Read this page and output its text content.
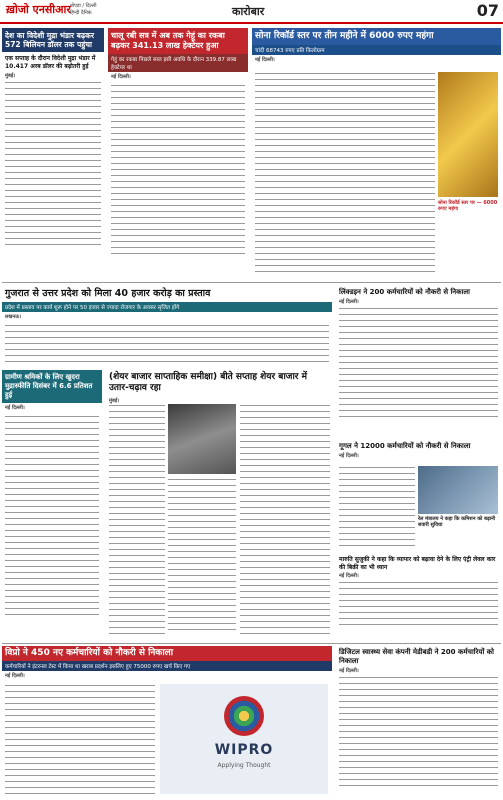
ख़ोजो एनसीआर नोएडा / दिल्ली
हिन्दी दैनिक	कारोबार	07
देश का विदेशी मुद्रा भंडार बढ़कर 572 बिलियन डॉलर तक पहुंचा
एक सप्ताह के दौरान विदेशी मुद्रा भंडार में 10.417 अरब डॉलर की बढ़ोतरी हुई
मुंबई।
चालू रबी सत्र में अब तक गेहूं का रकबा बढ़कर 341.13 लाख हेक्टेयर हुआ
गेहूं का रकबा पिछले साल इसी अवधि के दौरान 339.87 लाख हेक्टेयर था
नई दिल्ली।
सोना रिकॉर्ड स्तर पर तीन महीने में 6000 रुपए महंगा
चांदी 68743 रुपए प्रति किलोग्राम
नई दिल्ली।
सोना रिकॉर्ड स्तर पर — 6000 रुपए महंगा
गुजरात से उत्तर प्रदेश को मिला 40 हजार करोड़ का प्रस्ताव
प्रदेश में प्रस्ताव पर कार्य शुरू होने पर 50 हजार से ज्यादा रोजगार के अवसर सृजित होंगे
लखनऊ।
लिंक्डइन ने 200 कर्मचारियों को नौकरी से निकाला
नई दिल्ली।
ग्रामीण श्रमिकों के लिए खुदरा मुद्रास्फीति दिसंबर में 6.6 प्रतिशत हुई
नई दिल्ली।
(शेयर बाजार साप्ताहिक समीक्षा) बीते सप्ताह शेयर बाजार में उतार-चढ़ाव रहा
मुंबई।
गूगल ने 12000 कर्मचारियों को नौकरी से निकाला
नई दिल्ली।
रेल मंत्रालय ने कहा कि कमिशन को बढ़ानी सवारी सुविधा
मारुति सुजुकी ने कहा कि व्यापार को बढ़ावा देने के लिए एंट्री लेवल कार की बिक्री का भी ध्यान
नई दिल्ली।
विप्रो ने 450 नए कर्मचारियों को नौकरी से निकाला
कर्मचारियों ने इंटरनल टेस्ट में किया था खराब प्रदर्शन इसलिए हुए 75000 रुपए खर्च किए गए
नई दिल्ली।
WIPRO
Applying Thought
डिजिटल स्वास्थ्य सेवा कंपनी मेडीबडी ने 200 कर्मचारियों को निकाला
नई दिल्ली।
